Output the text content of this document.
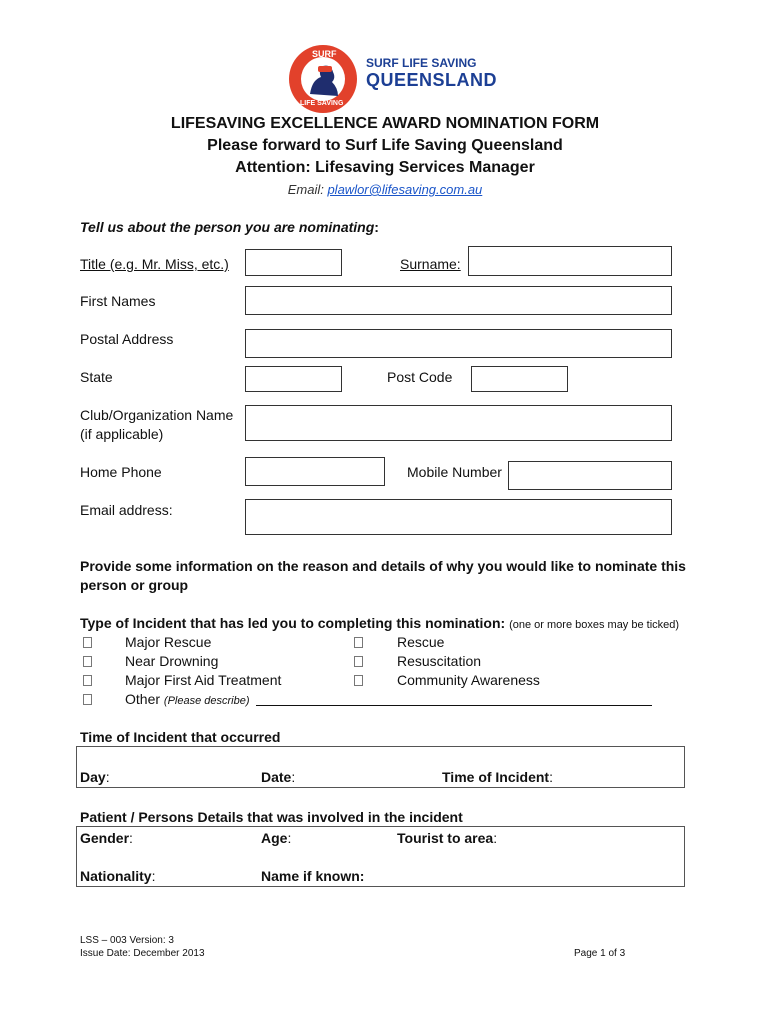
SURF
LIFE SAVING
SURF LIFE SAVING
QUEENSLAND
LIFESAVING EXCELLENCE AWARD NOMINATION FORM
Please forward to Surf Life Saving Queensland
Attention: Lifesaving Services Manager
Email: plawlor@lifesaving.com.au
Tell us about the person you are nominating:
Title (e.g. Mr. Miss, etc.)	Surname:
First Names
Postal Address
State	Post Code
Club/Organization Name
(if applicable)
Home Phone	Mobile Number
Email address:
Provide some information on the reason and details of why you would like to nominate this
person or group
Type of Incident that has led you to completing this nomination: (one or more boxes may be ticked)
Major Rescue
Near Drowning
Major First Aid Treatment
Other (Please describe)
Rescue
Resuscitation
Community Awareness
Time of Incident that occurred
Day:	Date:	Time of Incident:
Patient / Persons Details that was involved in the incident
Gender:	Age:	Tourist to area:
Nationality:	Name if known:
LSS – 003 Version: 3
Issue Date: December 2013	Page 1 of 3
